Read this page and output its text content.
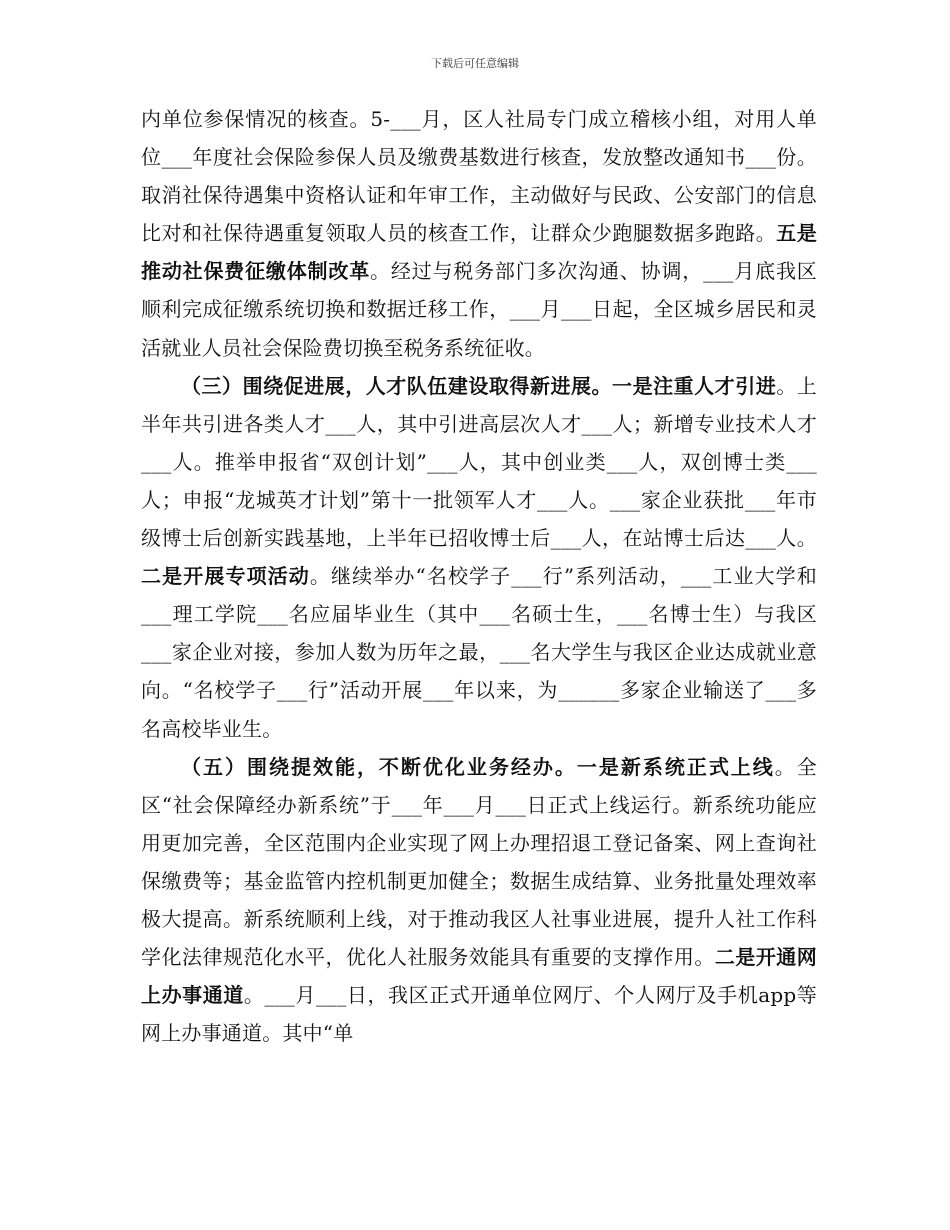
下载后可任意编辑

内单位参保情况的核查。5-___月，区人社局专门成立稽核小组，对用人单位___年度社会保险参保人员及缴费基数进行核查，发放整改通知书___份。取消社保待遇集中资格认证和年审工作，主动做好与民政、公安部门的信息比对和社保待遇重复领取人员的核查工作，让群众少跑腿数据多跑路。五是推动社保费征缴体制改革。经过与税务部门多次沟通、协调，___月底我区顺利完成征缴系统切换和数据迁移工作，___月___日起，全区城乡居民和灵活就业人员社会保险费切换至税务系统征收。

（三）围绕促进展，人才队伍建设取得新进展。一是注重人才引进。上半年共引进各类人才___人，其中引进高层次人才___人；新增专业技术人才___人。推举申报省“双创计划”___人，其中创业类___人，双创博士类___人；申报“龙城英才计划”第十一批领军人才___人。___家企业获批___年市级博士后创新实践基地，上半年已招收博士后___人，在站博士后达___人。二是开展专项活动。继续举办“名校学子___行”系列活动，___工业大学和___理工学院___名应届毕业生（其中___名硕士生，___名博士生）与我区___家企业对接，参加人数为历年之最，___名大学生与我区企业达成就业意向。“名校学子___行”活动开展___年以来，为______多家企业输送了___多名高校毕业生。

（五）围绕提效能，不断优化业务经办。一是新系统正式上线。全区“社会保障经办新系统”于___年___月___日正式上线运行。新系统功能应用更加完善，全区范围内企业实现了网上办理招退工登记备案、网上查询社保缴费等；基金监管内控机制更加健全；数据生成结算、业务批量处理效率极大提高。新系统顺利上线，对于推动我区人社事业进展，提升人社工作科学化法律规范化水平，优化人社服务效能具有重要的支撑作用。二是开通网上办事通道。___月___日，我区正式开通单位网厅、个人网厅及手机app等网上办事通道。其中“单
